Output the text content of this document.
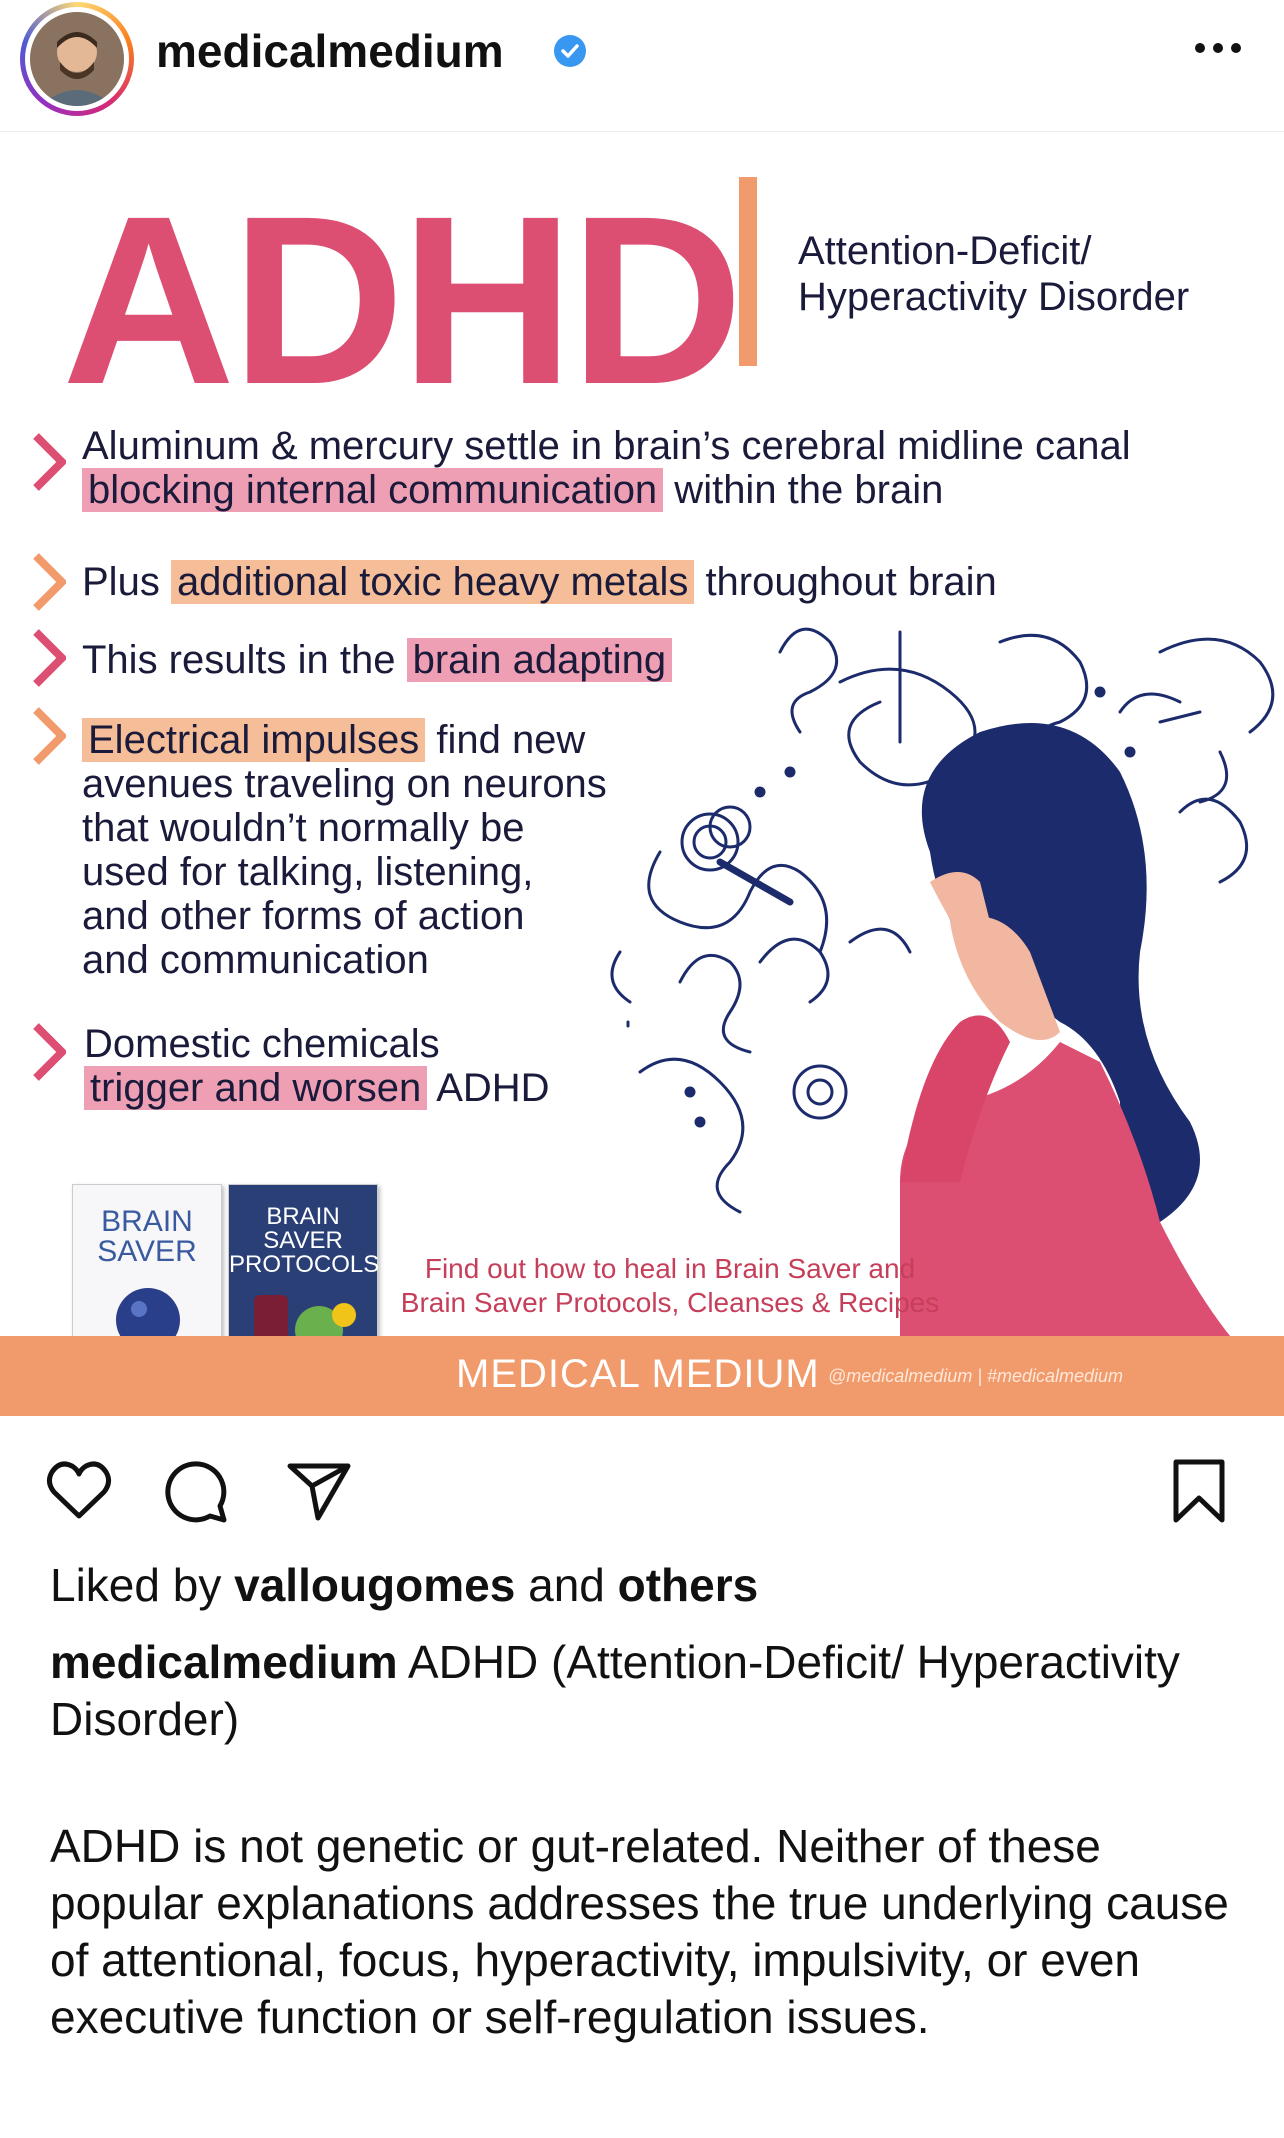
medicalmedium
ADHD Attention-Deficit/
Hyperactivity Disorder
Aluminum & mercury settle in brain’s cerebral midline canal
blocking internal communication within the brain
Plus additional toxic heavy metals throughout brain
This results in the brain adapting
Electrical impulses find new
avenues traveling on neurons
that wouldn’t normally be
used for talking, listening,
and other forms of action
and communication
Domestic chemicals
trigger and worsen ADHD
BRAIN SAVER
BRAIN SAVER PROTOCOLS	Find out how to heal in Brain Saver and
Brain Saver Protocols, Cleanses & Recipes
MEDICAL MEDIUM @medicalmedium | #medicalmedium
Liked by vallougomes and others
medicalmedium ADHD (Attention-Deficit/ Hyperactivity Disorder)
ADHD is not genetic or gut-related. Neither of these popular explanations addresses the true underlying cause of attentional, focus, hyperactivity, impulsivity, or even executive function or self-regulation issues.
